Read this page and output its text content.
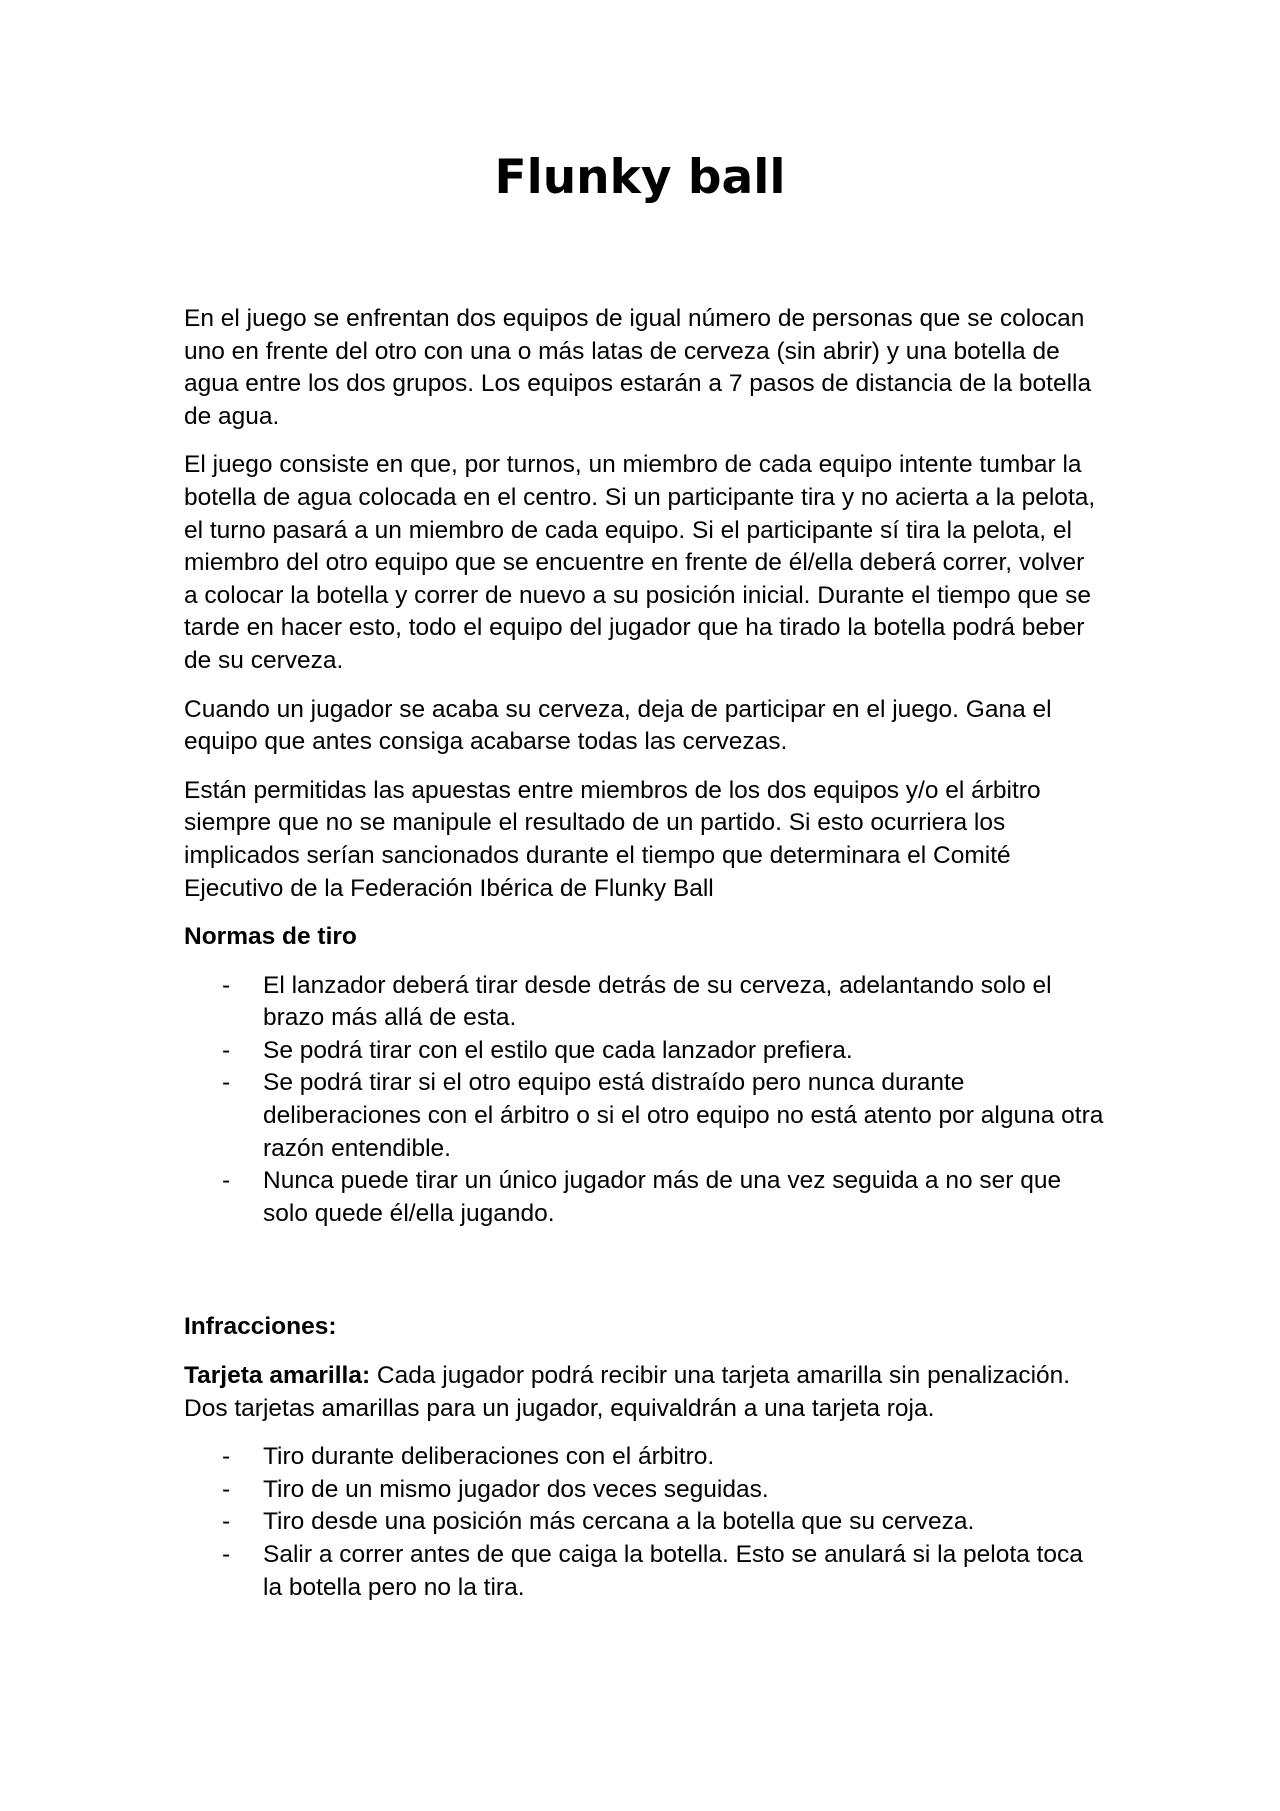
Flunky ball

En el juego se enfrentan dos equipos de igual número de personas que se colocan uno en frente del otro con una o más latas de cerveza (sin abrir) y una botella de agua entre los dos grupos. Los equipos estarán a 7 pasos de distancia de la botella de agua.

El juego consiste en que, por turnos, un miembro de cada equipo intente tumbar la botella de agua colocada en el centro. Si un participante tira y no acierta a la pelota, el turno pasará a un miembro de cada equipo. Si el participante sí tira la pelota, el miembro del otro equipo que se encuentre en frente de él/ella deberá correr, volver a colocar la botella y correr de nuevo a su posición inicial. Durante el tiempo que se tarde en hacer esto, todo el equipo del jugador que ha tirado la botella podrá beber de su cerveza.

Cuando un jugador se acaba su cerveza, deja de participar en el juego. Gana el equipo que antes consiga acabarse todas las cervezas.

Están permitidas las apuestas entre miembros de los dos equipos y/o el árbitro siempre que no se manipule el resultado de un partido. Si esto ocurriera los implicados serían sancionados durante el tiempo que determinara el Comité Ejecutivo de la Federación Ibérica de Flunky Ball

Normas de tiro

- El lanzador deberá tirar desde detrás de su cerveza, adelantando solo el brazo más allá de esta.
- Se podrá tirar con el estilo que cada lanzador prefiera.
- Se podrá tirar si el otro equipo está distraído pero nunca durante deliberaciones con el árbitro o si el otro equipo no está atento por alguna otra razón entendible.
- Nunca puede tirar un único jugador más de una vez seguida a no ser que solo quede él/ella jugando.

Infracciones:

Tarjeta amarilla: Cada jugador podrá recibir una tarjeta amarilla sin penalización. Dos tarjetas amarillas para un jugador, equivaldrán a una tarjeta roja.

- Tiro durante deliberaciones con el árbitro.
- Tiro de un mismo jugador dos veces seguidas.
- Tiro desde una posición más cercana a la botella que su cerveza.
- Salir a correr antes de que caiga la botella. Esto se anulará si la pelota toca la botella pero no la tira.
